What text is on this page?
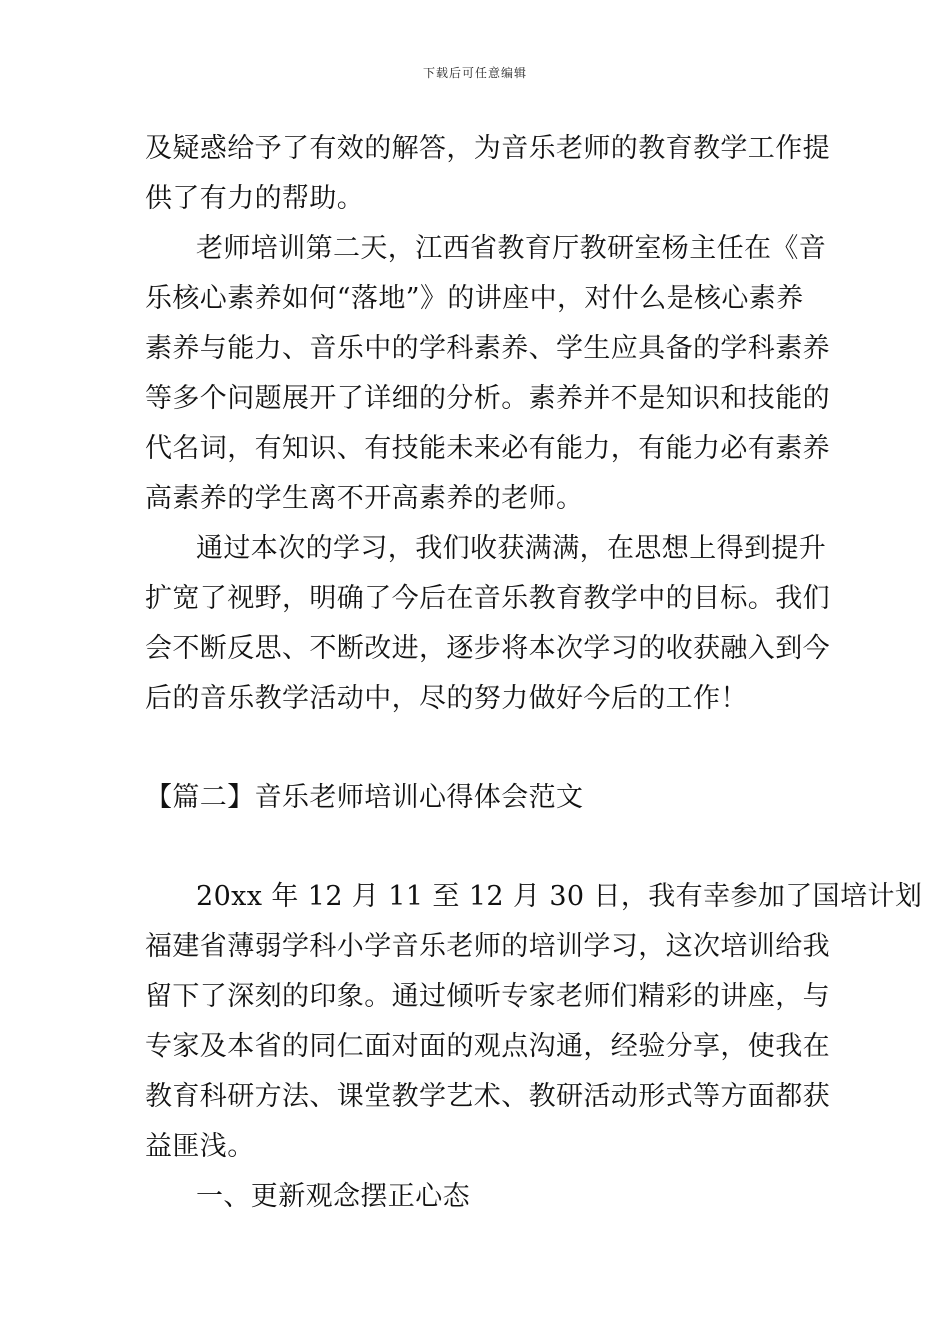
下载后可任意编辑
及疑惑给予了有效的解答，为音乐老师的教育教学工作提
供了有力的帮助。
老师培训第二天，江西省教育厅教研室杨主任在《音
乐核心素养如何“落地”》的讲座中，对什么是核心素养
素养与能力、音乐中的学科素养、学生应具备的学科素养
等多个问题展开了详细的分析。素养并不是知识和技能的
代名词，有知识、有技能未来必有能力，有能力必有素养
高素养的学生离不开高素养的老师。
通过本次的学习，我们收获满满，在思想上得到提升
扩宽了视野，明确了今后在音乐教育教学中的目标。我们
会不断反思、不断改进，逐步将本次学习的收获融入到今
后的音乐教学活动中，尽的努力做好今后的工作！
【篇二】音乐老师培训心得体会范文
20xx 年 12 月 11 至 12 月 30 日，我有幸参加了国培计划
福建省薄弱学科小学音乐老师的培训学习，这次培训给我
留下了深刻的印象。通过倾听专家老师们精彩的讲座，与
专家及本省的同仁面对面的观点沟通，经验分享，使我在
教育科研方法、课堂教学艺术、教研活动形式等方面都获
益匪浅。
一、更新观念摆正心态
